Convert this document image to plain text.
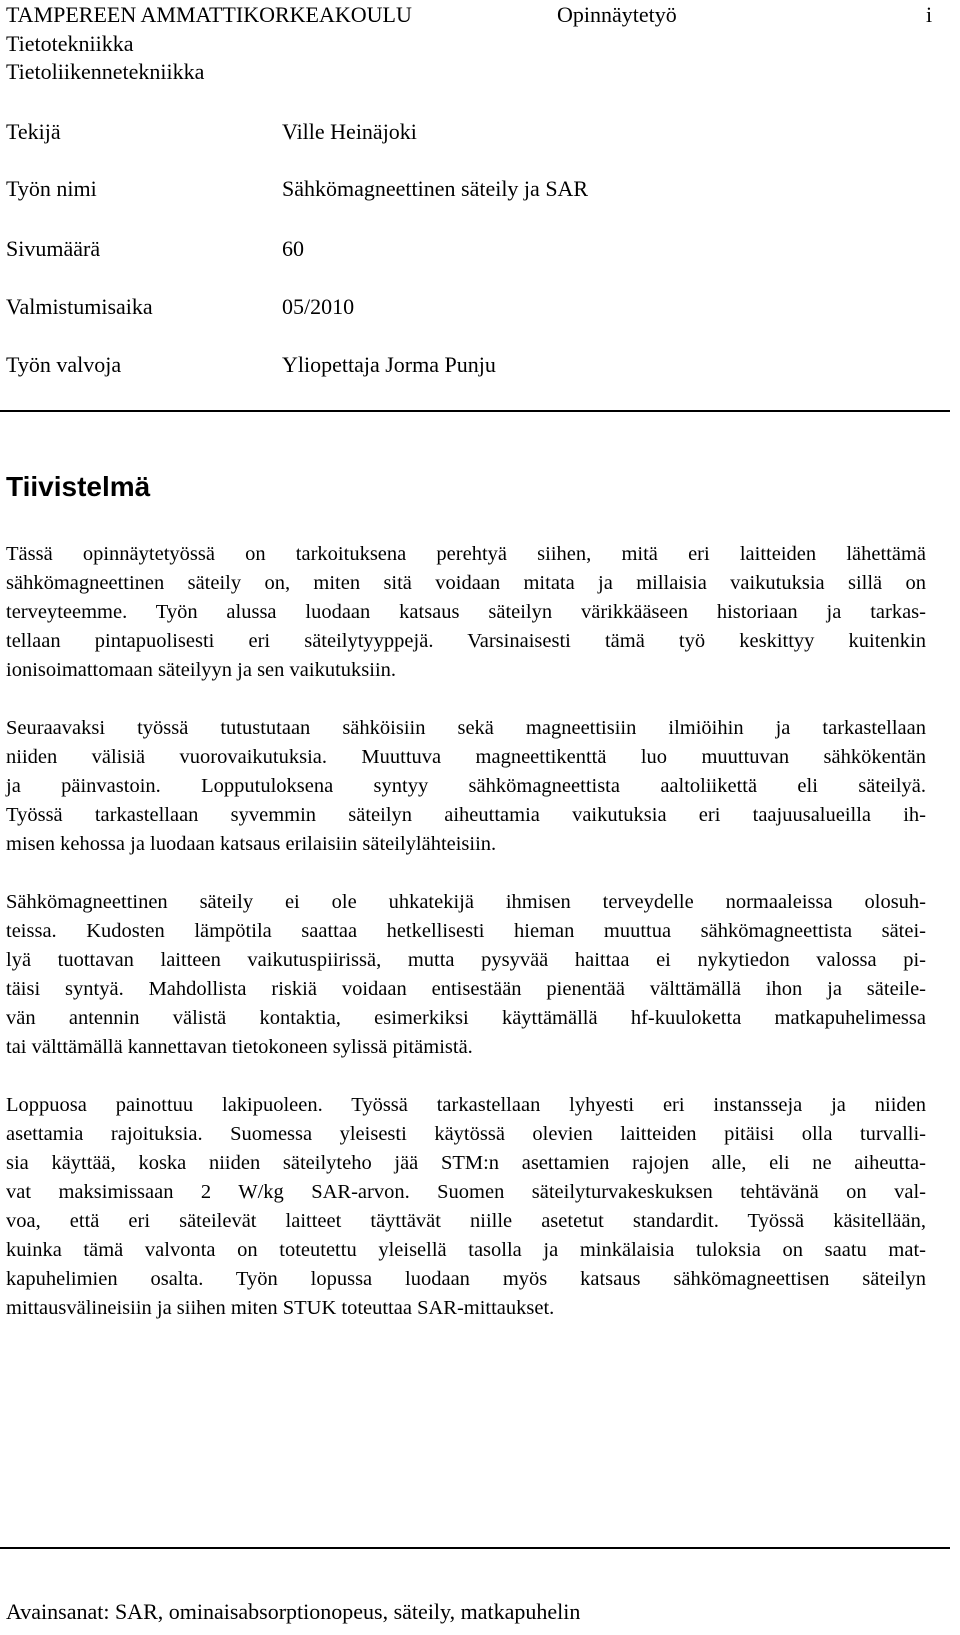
TAMPEREEN AMMATTIKORKEAKOULU
Tietotekniikka
Tietoliikennetekniikka
Opinnäytetyö	i
Tekijä	Ville Heinäjoki
Työn nimi	Sähkömagneettinen säteily ja SAR
Sivumäärä	60
Valmistumisaika	05/2010
Työn valvoja	Yliopettaja Jorma Punju
Tiivistelmä
Tässä opinnäytetyössä on tarkoituksena perehtyä siihen, mitä eri laitteiden lähettämä
sähkömagneettinen säteily on, miten sitä voidaan mitata ja millaisia vaikutuksia sillä on
terveyteemme. Työn alussa luodaan katsaus säteilyn värikkääseen historiaan ja tarkas-
tellaan pintapuolisesti eri säteilytyyppejä. Varsinaisesti tämä työ keskittyy kuitenkin
ionisoimattomaan säteilyyn ja sen vaikutuksiin.
Seuraavaksi työssä tutustutaan sähköisiin sekä magneettisiin ilmiöihin ja tarkastellaan
niiden välisiä vuorovaikutuksia. Muuttuva magneettikenttä luo muuttuvan sähkökentän
ja päinvastoin. Lopputuloksena syntyy sähkömagneettista aaltoliikettä eli säteilyä.
Työssä tarkastellaan syvemmin säteilyn aiheuttamia vaikutuksia eri taajuusalueilla ih-
misen kehossa ja luodaan katsaus erilaisiin säteilylähteisiin.
Sähkömagneettinen säteily ei ole uhkatekijä ihmisen terveydelle normaaleissa olosuh-
teissa. Kudosten lämpötila saattaa hetkellisesti hieman muuttua sähkömagneettista sätei-
lyä tuottavan laitteen vaikutuspiirissä, mutta pysyvää haittaa ei nykytiedon valossa pi-
täisi syntyä. Mahdollista riskiä voidaan entisestään pienentää välttämällä ihon ja säteile-
vän antennin välistä kontaktia, esimerkiksi käyttämällä hf-kuuloketta matkapuhelimessa
tai välttämällä kannettavan tietokoneen sylissä pitämistä.
Loppuosa painottuu lakipuoleen. Työssä tarkastellaan lyhyesti eri instansseja ja niiden
asettamia rajoituksia. Suomessa yleisesti käytössä olevien laitteiden pitäisi olla turvalli-
sia käyttää, koska niiden säteilyteho jää STM:n asettamien rajojen alle, eli ne aiheutta-
vat maksimissaan 2 W/kg SAR-arvon. Suomen säteilyturvakeskuksen tehtävänä on val-
voa, että eri säteilevät laitteet täyttävät niille asetetut standardit. Työssä käsitellään,
kuinka tämä valvonta on toteutettu yleisellä tasolla ja minkälaisia tuloksia on saatu mat-
kapuhelimien osalta. Työn lopussa luodaan myös katsaus sähkömagneettisen säteilyn
mittausvälineisiin ja siihen miten STUK toteuttaa SAR-mittaukset.
Avainsanat: SAR, ominaisabsorptionopeus, säteily, matkapuhelin
